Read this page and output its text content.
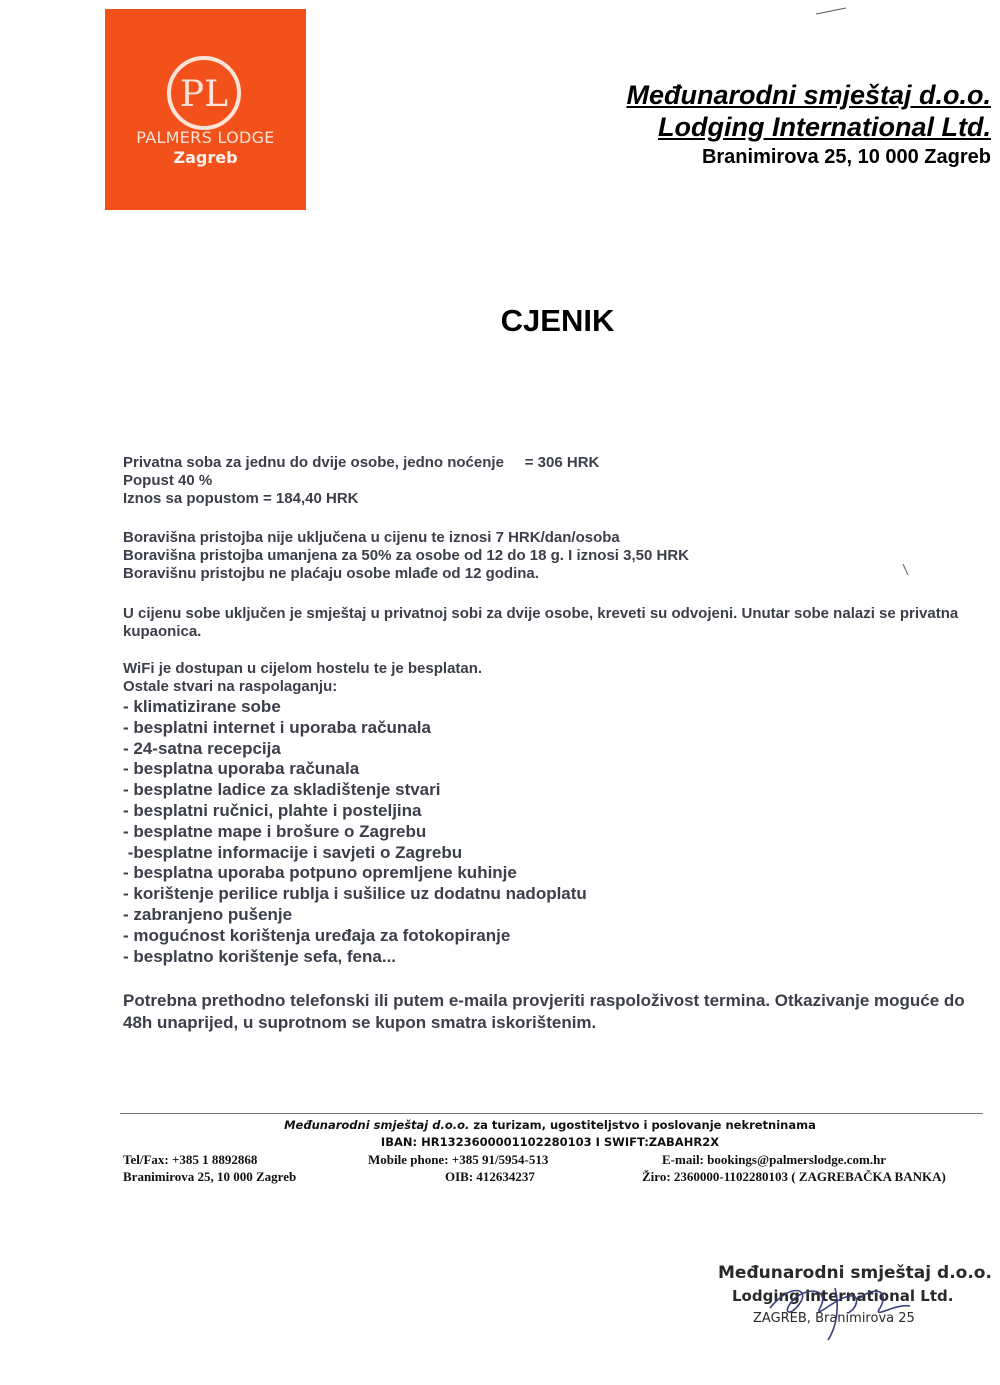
PL
PALMERS LODGE
Zagreb
Međunarodni smještaj d.o.o.
Lodging International Ltd.
Branimirova 25, 10 000 Zagreb
CJENIK
Privatna soba za jednu do dvije osobe, jedno noćenje     = 306 HRK
Popust 40 %
Iznos sa popustom = 184,40 HRK
Boravišna pristojba nije uključena u cijenu te iznosi 7 HRK/dan/osoba
Boravišna pristojba umanjena za 50% za osobe od 12 do 18 g. I iznosi 3,50 HRK
Boravišnu pristojbu ne plaćaju osobe mlađe od 12 godina.
U cijenu sobe uključen je smještaj u privatnoj sobi za dvije osobe, kreveti su odvojeni. Unutar sobe nalazi se privatna kupaonica.
WiFi je dostupan u cijelom hostelu te je besplatan.
Ostale stvari na raspolaganju:
- klimatizirane sobe
- besplatni internet i uporaba računala
- 24-satna recepcija
- besplatna uporaba računala
- besplatne ladice za skladištenje stvari
- besplatni ručnici, plahte i posteljina
- besplatne mape i brošure o Zagrebu
-besplatne informacije i savjeti o Zagrebu
- besplatna uporaba potpuno opremljene kuhinje
- korištenje perilice rublja i sušilice uz dodatnu nadoplatu
- zabranjeno pušenje
- mogućnost korištenja uređaja za fotokopiranje
- besplatno korištenje sefa, fena...
Potrebna prethodno telefonski ili putem e-maila provjeriti raspoloživost termina. Otkazivanje moguće do 48h unaprijed, u suprotnom se kupon smatra iskorištenim.
Međunarodni smještaj d.o.o. za turizam, ugostiteljstvo i poslovanje nekretninama
IBAN: HR1323600001102280103 I SWIFT:ZABAHR2X
Tel/Fax: +385 1 8892868
Branimirova 25, 10 000 Zagreb
Mobile phone: +385 91/5954-513
OIB: 412634237
E-mail: bookings@palmerslodge.com.hr
Žiro: 2360000-1102280103 ( ZAGREBAČKA BANKA)
Međunarodni smještaj d.o.o.
Lodging international Ltd.
ZAGREB, Branimirova 25
